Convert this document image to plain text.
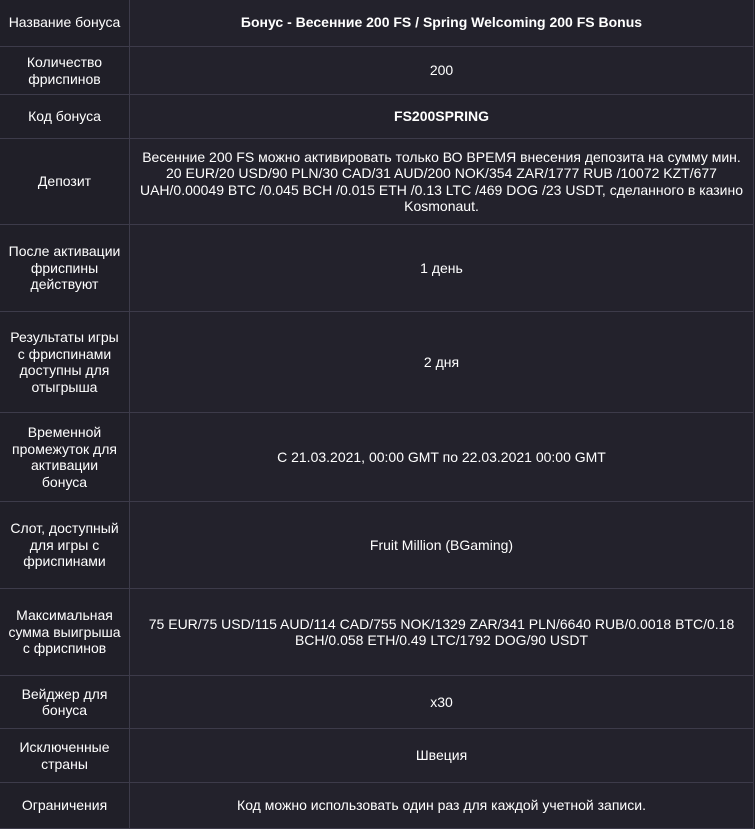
Название бонуса	Бонус - Весенние 200 FS / Spring Welcoming 200 FS Bonus
Количество фриспинов	200
Код бонуса	FS200SPRING
Депозит	Весенние 200 FS можно активировать только ВО ВРЕМЯ внесения депозита на сумму мин. 20 EUR/20 USD/90 PLN/30 CAD/31 AUD/200 NOK/354 ZAR/1777 RUB /10072 KZT/677 UAH/0.00049 BTC /0.045 BCH /0.015 ETH /0.13 LTC /469 DOG /23 USDT, сделанного в казино Kosmonaut.
После активации фриспины действуют	1 день
Результаты игры с фриспинами доступны для отыгрыша	2 дня
Временной промежуток для активации бонуса	С 21.03.2021, 00:00 GMT по 22.03.2021 00:00 GMT
Слот, доступный для игры с фриспинами	Fruit Million (BGaming)
Максимальная сумма выигрыша с фриспинов	75 EUR/75 USD/115 AUD/114 CAD/755 NOK/1329 ZAR/341 PLN/6640 RUB/0.0018 BTC/0.18 BCH/0.058 ETH/0.49 LTC/1792 DOG/90 USDT
Вейджер для бонуса	x30
Исключенные страны	Швеция
Ограничения	Код можно использовать один раз для каждой учетной записи.
